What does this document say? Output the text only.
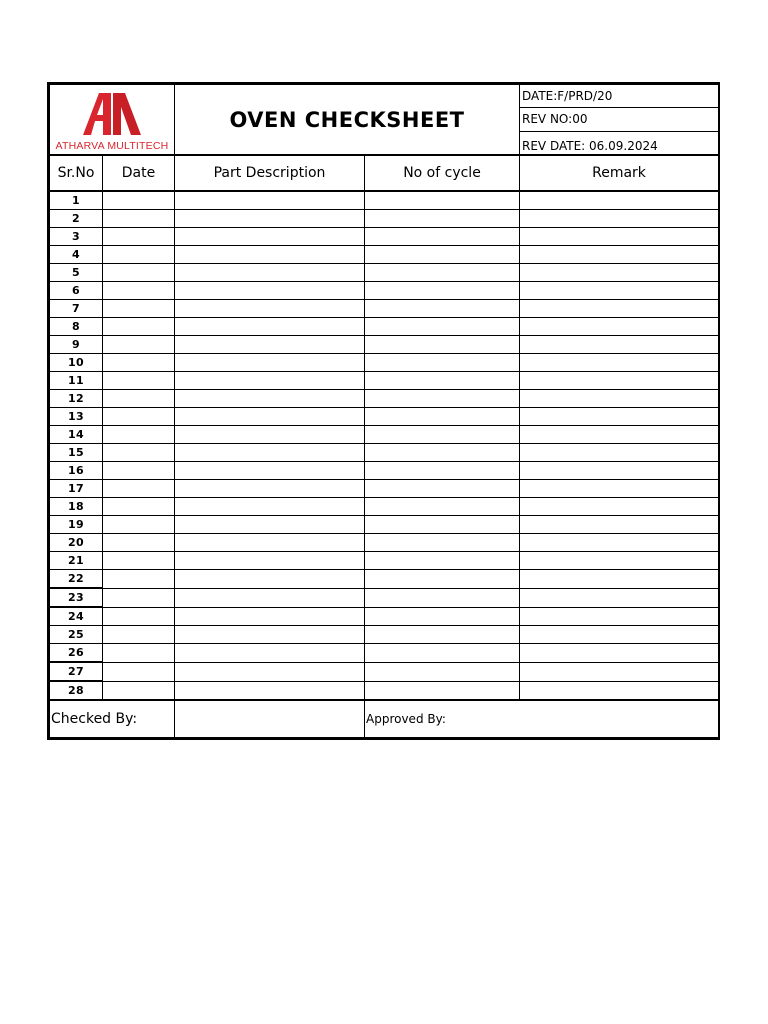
ATHARVA MULTITECH		OVEN CHECKSHEET		DATE:F/PRD/20
				REV NO:00
				REV DATE: 06.09.2024
Sr.No	Date	Part Description	No of cycle	Remark
1				
2				
3				
4				
5				
6				
7				
8				
9				
10				
11				
12				
13				
14				
15				
16				
17				
18				
19				
20				
21				
22				
23				
24				
25				
26				
27				
28				
Checked By:			Approved By:	
